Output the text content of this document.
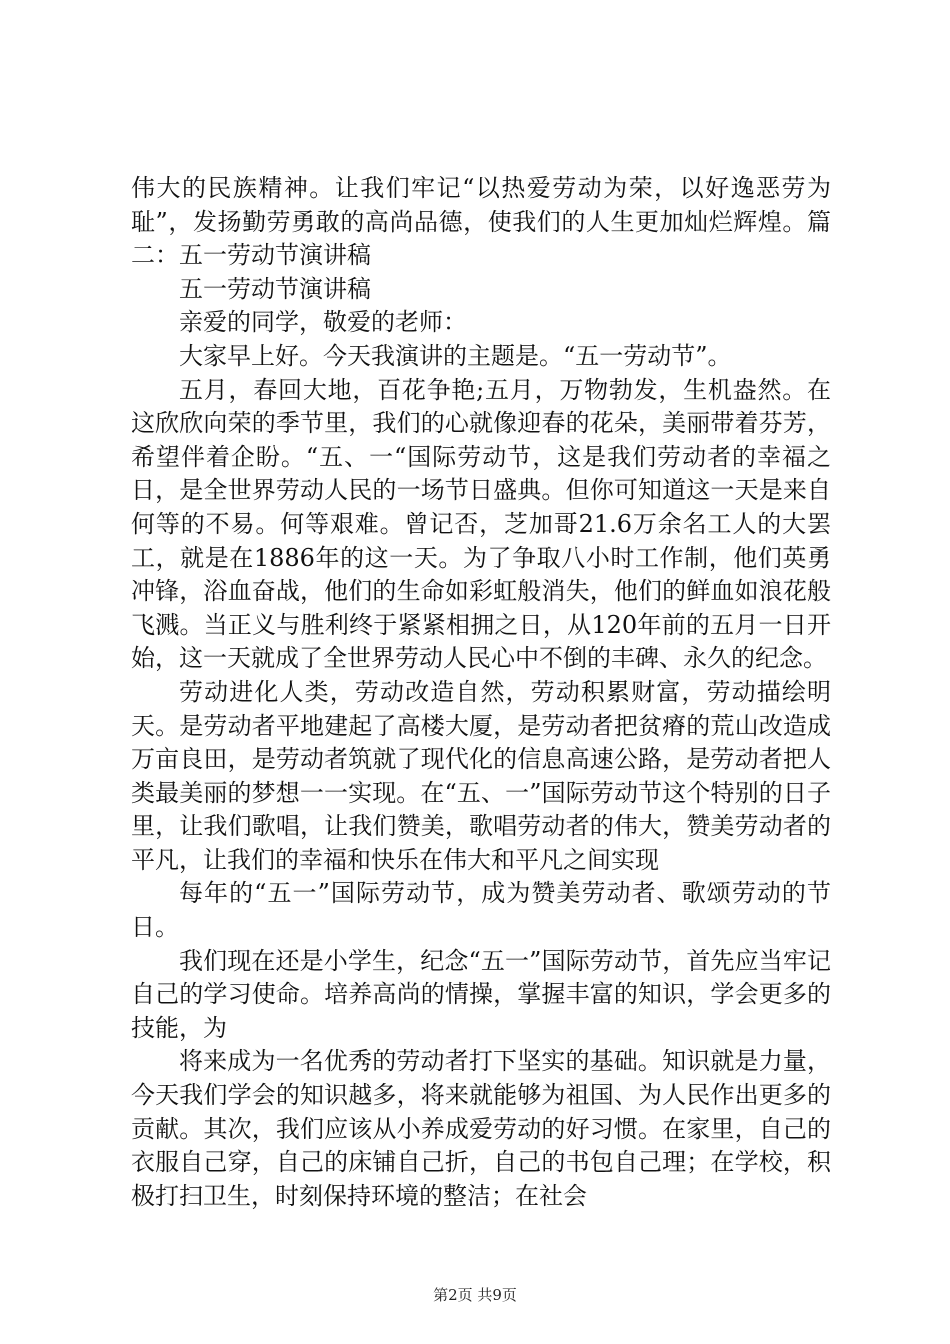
伟大的民族精神。让我们牢记“以热爱劳动为荣，以好逸恶劳为耻”，发扬勤劳勇敢的高尚品德，使我们的人生更加灿烂辉煌。篇二：五一劳动节演讲稿

五一劳动节演讲稿

亲爱的同学，敬爱的老师：

大家早上好。今天我演讲的主题是。“五一劳动节”。

五月，春回大地，百花争艳;五月，万物勃发，生机盎然。在这欣欣向荣的季节里，我们的心就像迎春的花朵，美丽带着芬芳，希望伴着企盼。“五、一“国际劳动节，这是我们劳动者的幸福之日，是全世界劳动人民的一场节日盛典。但你可知道这一天是来自何等的不易。何等艰难。曾记否，芝加哥21.6万余名工人的大罢工，就是在1886年的这一天。为了争取八小时工作制，他们英勇冲锋，浴血奋战，他们的生命如彩虹般消失，他们的鲜血如浪花般飞溅。当正义与胜利终于紧紧相拥之日，从120年前的五月一日开始，这一天就成了全世界劳动人民心中不倒的丰碑、永久的纪念。

劳动进化人类，劳动改造自然，劳动积累财富，劳动描绘明天。是劳动者平地建起了高楼大厦，是劳动者把贫瘠的荒山改造成万亩良田，是劳动者筑就了现代化的信息高速公路，是劳动者把人类最美丽的梦想一一实现。在“五、一”国际劳动节这个特别的日子里，让我们歌唱，让我们赞美，歌唱劳动者的伟大，赞美劳动者的平凡，让我们的幸福和快乐在伟大和平凡之间实现

每年的“五一”国际劳动节，成为赞美劳动者、歌颂劳动的节日。

我们现在还是小学生，纪念“五一”国际劳动节，首先应当牢记自己的学习使命。培养高尚的情操，掌握丰富的知识，学会更多的技能，为

将来成为一名优秀的劳动者打下坚实的基础。知识就是力量，今天我们学会的知识越多，将来就能够为祖国、为人民作出更多的贡献。其次，我们应该从小养成爱劳动的好习惯。在家里，自己的衣服自己穿，自己的床铺自己折，自己的书包自己理；在学校，积极打扫卫生，时刻保持环境的整洁；在社会

第2页 共9页
